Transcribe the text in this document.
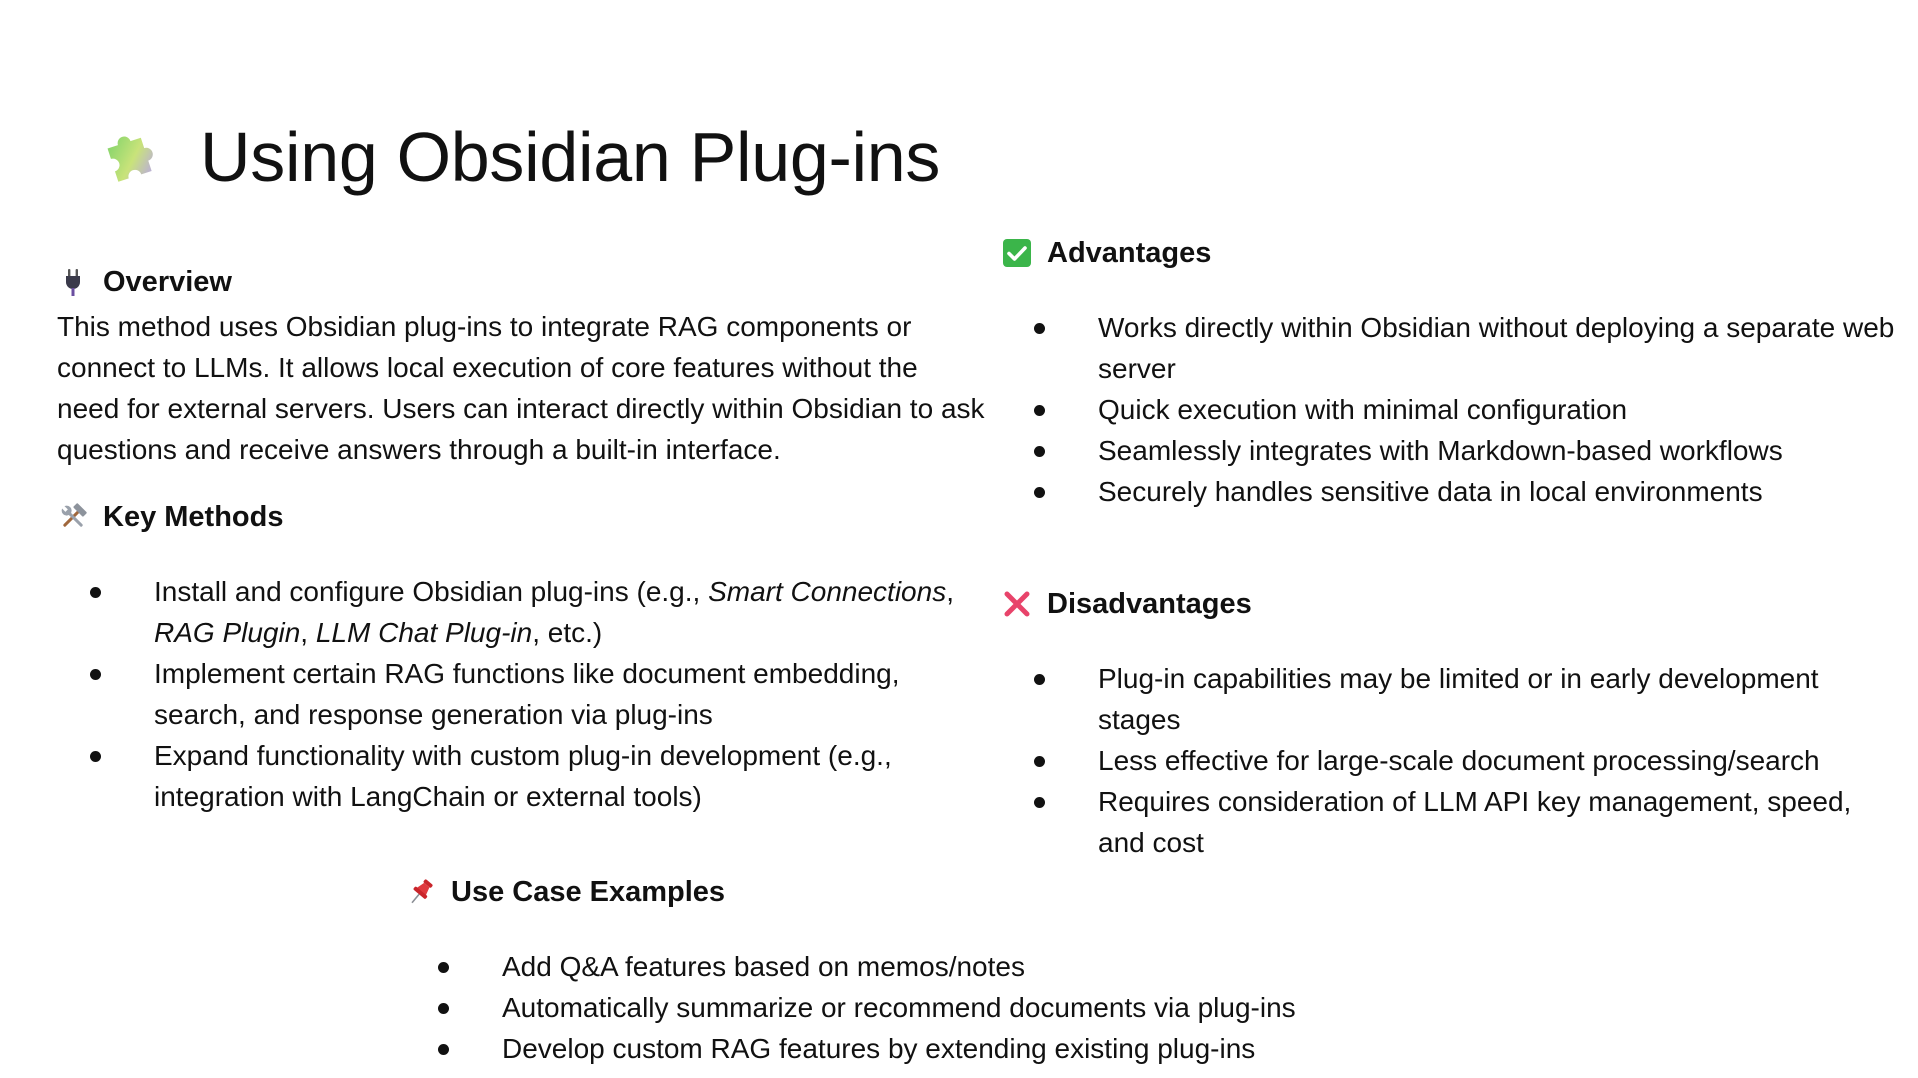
Using Obsidian Plug-ins
Overview
This method uses Obsidian plug-ins to integrate RAG components or connect to LLMs. It allows local execution of core features without the need for external servers. Users can interact directly within Obsidian to ask questions and receive answers through a built-in interface.
Key Methods
Install and configure Obsidian plug-ins (e.g., Smart Connections, RAG Plugin, LLM Chat Plug-in, etc.)
Implement certain RAG functions like document embedding, search, and response generation via plug-ins
Expand functionality with custom plug-in development (e.g., integration with LangChain or external tools)
Advantages
Works directly within Obsidian without deploying a separate web server
Quick execution with minimal configuration
Seamlessly integrates with Markdown-based workflows
Securely handles sensitive data in local environments
Disadvantages
Plug-in capabilities may be limited or in early development stages
Less effective for large-scale document processing/search
Requires consideration of LLM API key management, speed, and cost
Use Case Examples
Add Q&A features based on memos/notes
Automatically summarize or recommend documents via plug-ins
Develop custom RAG features by extending existing plug-ins
